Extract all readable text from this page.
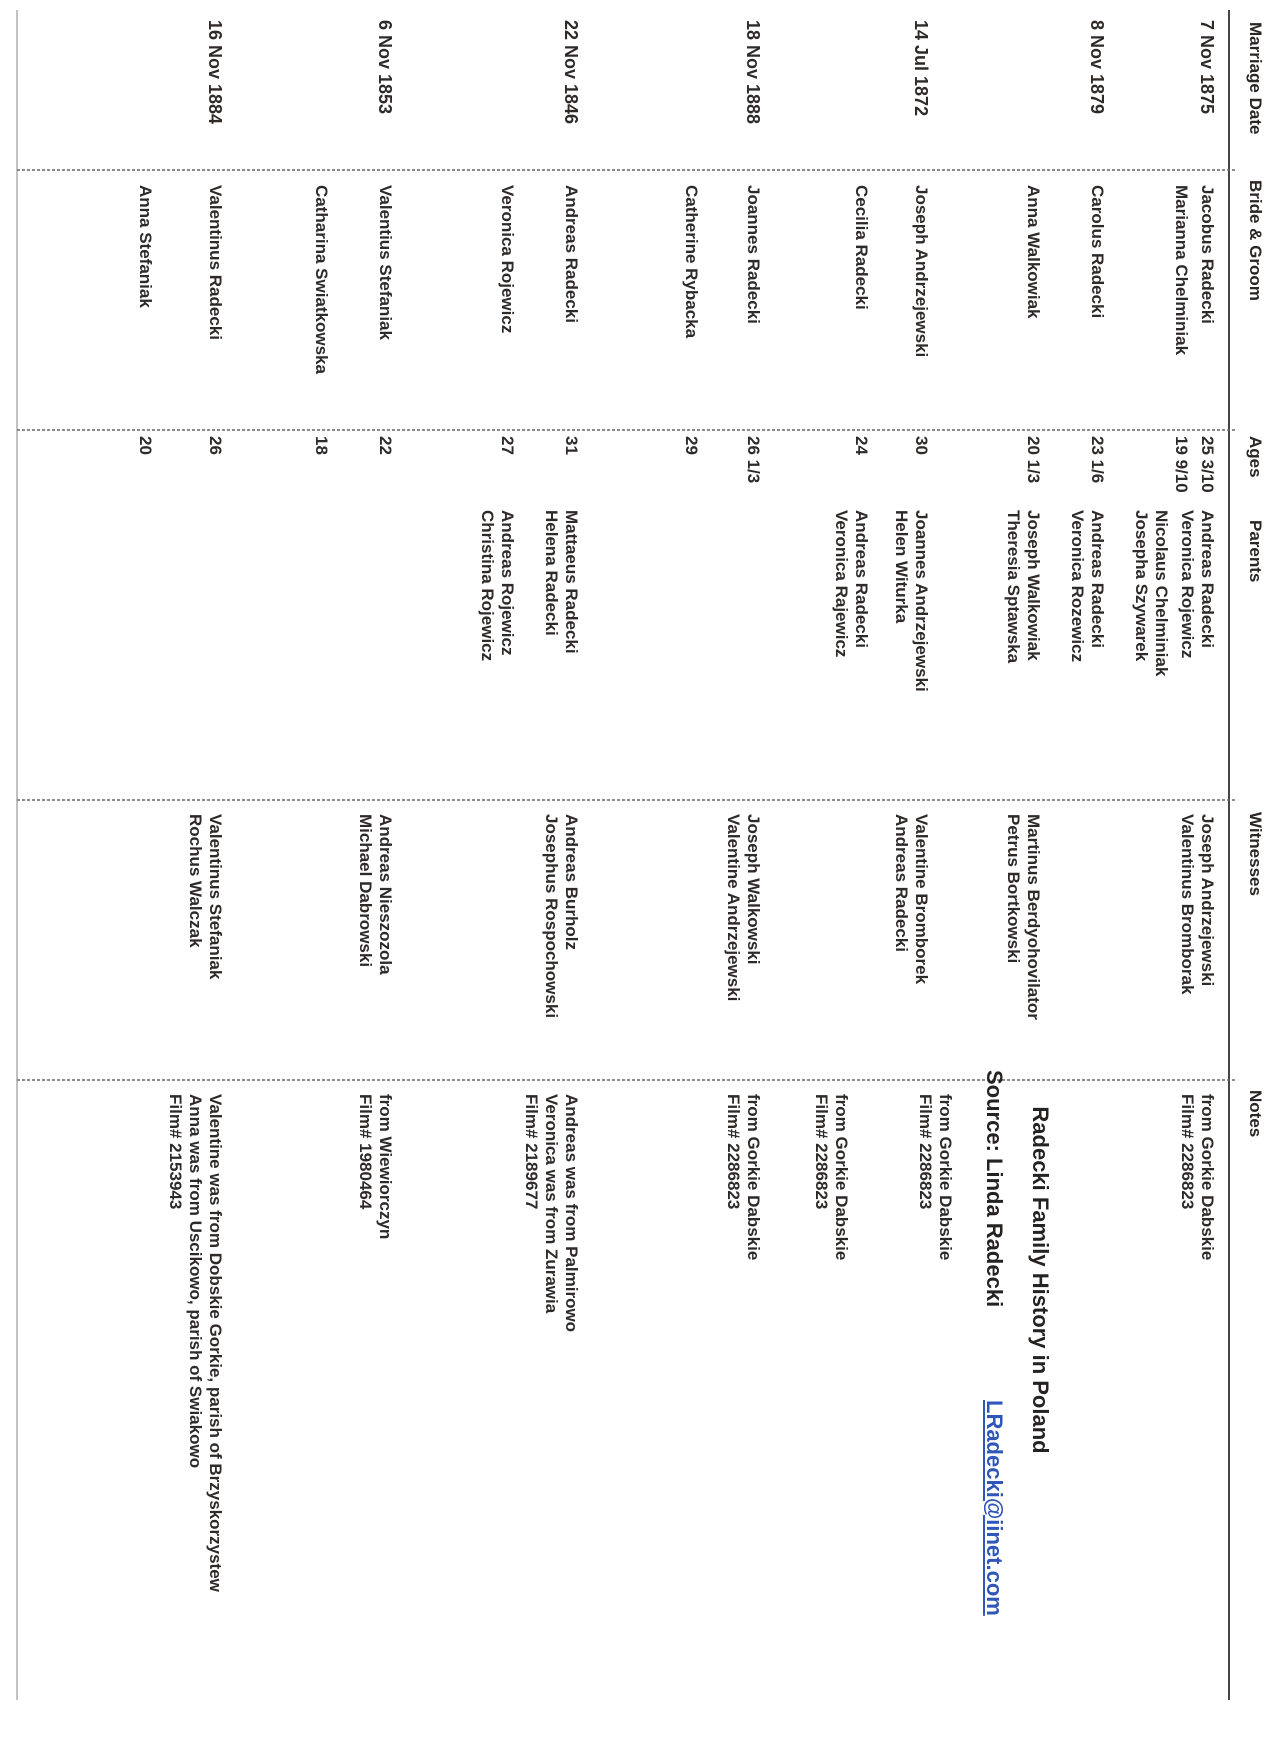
Marriage Date
Bride & Groom
Ages
Parents
Witnesses
Notes
7 Nov 1875
Jacobus Radecki
Marianna Chelminiak
25 3/10
19 9/10
Andreas Radecki
Veronica Rojewicz
Nicolaus Chelminiak
Josepha Szywarek
Joseph Andrzejewski
Valentinus Bromborak
from Gorkie Dabskie
Film# 2286823
Radecki Family History in Poland
Source: Linda Radecki
LRadecki@iinet.com
8 Nov 1879
Carolus Radecki
Anna Walkowiak
23 1/6
20 1/3
Andreas Radecki
Veronica Rozewicz
Joseph Walkowiak
Theresia Sptawska
Martinus Berdyohovilator
Petrus Bortkowski
from Gorkie Dabskie
Film# 2286823
14 Jul 1872
Joseph Andrzejewski
Cecilia Radecki
30
24
Joannes Andrzejewski
Helen Witurka
Andreas Radecki
Veronica Rajewicz
Valentine Bromborek
Andreas Radecki
from Gorkie Dabskie
Film# 2286823
18 Nov 1888
Joannes Radecki
Catherine Rybacka
26 1/3
29
Joseph Walkowski
Valentine Andrzejewski
from Gorkie Dabskie
Film# 2286823
22 Nov 1846
Andreas Radecki
Veronica Rojewicz
31
27
Mattaeus Radecki
Helena Radecki
Andreas Rojewicz
Christina Rojewicz
Andreas Burholz
Josephus Rospochowski
Andreas was from Palmirowo
Veronica was from Zurawia
Film# 2189677
6 Nov 1853
Valentius Stefaniak
Catharina Swiatkowska
22
18
Andreas Nieszozola
Michael Dabrowski
from Wiewiorczyn
Film# 1980464
16 Nov 1884
Valentinus Radecki
Anna Stefaniak
26
20
Valentinus Stefaniak
Rochus Walczak
Valentine was from Dobskie Gorkie, parish of Brzyskorzystew
Anna was from Uscikowo, parish of Swiakowo
Film# 2153943
